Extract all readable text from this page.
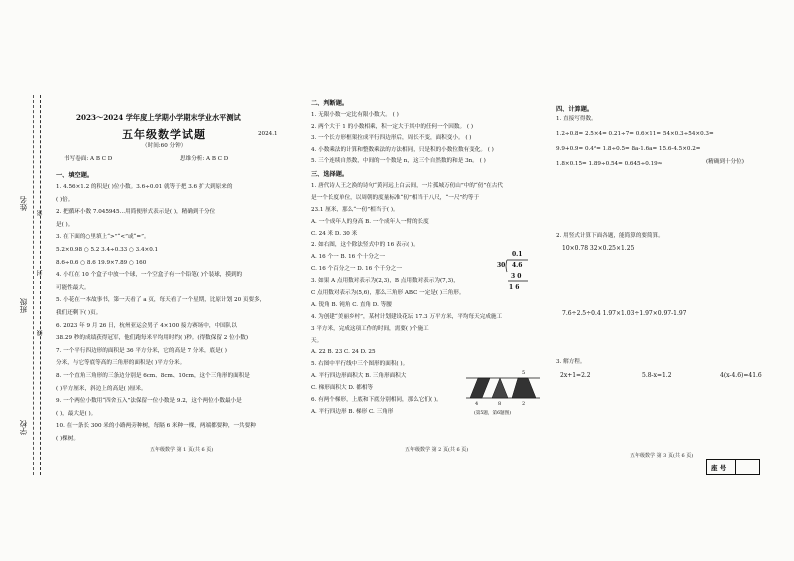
姓名
班级
学校
密
封
线
2023～2024 学年度上学期小学期末学业水平测试
五年级数学试题	2024.1
（时间:60 分钟）
书写卷面: A B C D	思维分析: A B C D
一、填空题。
1. 4.56×1.2 的积是( )位小数。3.6÷0.01 就等于把 3.6 扩大到原来的
( )倍。
2. 把循环小数 7.045945…用简便形式表示是( )，精确到千分位
是( )。
3. 在下面的○里填上“>”“<”或“=”。
5.2×0.98 ○ 5.2 3.4÷0.33 ○ 3.4×0.1
8.6÷0.6 ○ 8.6 19.9×7.89 ○ 160
4. 小红在 10 个盒子中放一个球，一个空盒子有一个铅笔( )个装球，摸到的
可能性最大。
5. 小花在一本故事书，第一天看了 a 页，每天看了一个星期，比原计划 20 页要多，
我们还剩下( )页。
6. 2023 年 9 月 26 日，杭州亚运会男子 4×100 接力赛场中，中国队以
38.29 秒的成绩获得冠军，他们跑每米平均用时约( )秒。(得数保留 2 位小数)
7. 一个平行四边形的面积是 36 平方分米，它的高是 7 分米，底是( )
分米，与它等底等高的三角形的面积是( )平方分米。
8. 一个直角三角形的三条边分别是 6cm、8cm、10cm，这个三角形的面积是
( )平方厘米，斜边上的高是( )厘米。
9. 一个两位小数用“四舍五入”法保留一位小数是 9.2，这个两位小数最小是
( )，最大是( )。
10. 在一条长 300 米的小路两旁种树，每隔 6 米种一棵，两端都要种，一共要种
( )棵树。
五年级数学 第 1 页(共 6 页)
二、判断题。
1. 无限小数一定比有限小数大。 ( )
2. 两个大于 1 的小数相乘，积一定大于其中的任何一个因数。 ( )
3. 一个长方形框架拉成平行四边形后，周长不变，面积变小。 ( )
4. 小数乘法的计算和整数乘法的方法相同，只是积的小数位数有变化。 ( )
5. 三个连续自然数，中间的一个数是 n，这三个自然数的和是 3n。 ( )
三、选择题。
1. 唐代诗人王之涣的诗句“黄河远上白云间，一片孤城万仞山”中的“仞”在古代
是一个长度单位，以周朝的度量标准“仞”相当于八尺，“一尺”约等于
23.1 厘米，那么“一仞”相当于( )。
A. 一个成年人的身高 B. 一个成年人一臂的长度
C. 24 米 D. 30 米
2. 如右图，这个除法竖式中的 16 表示( )。
A. 16 个一 B. 16 个十分之一
C. 16 个百分之一 D. 16 个千分之一
3. 如果 A 点用数对表示为(2,3)，B 点用数对表示为(7,3)，
C 点用数对表示为(5,6)，那么三角形 ABC 一定是( )三角形。
A. 锐角 B. 钝角 C. 直角 D. 等腰
4. 为创建“美丽乡村”，某村计划建设花坛 17.3 万平方米，平均每天完成施工
3 平方米，完成这项工作的时间，需要( )个施工
天。
A. 22 B. 23 C. 24 D. 25
5. 右图中平行线中三个图形的面积( )。
A. 平行四边形面积大 B. 三角形面积大
C. 梯形面积大 D. 都相等
6. 有两个梯形，上底和下底分别相同，那么它们( )。
A. 平行四边形 B. 梯形 C. 三角形
0.1
30 4.6
3 0
1 6
4	8	2
5
(第5题，第6题图)
五年级数学 第 2 页(共 6 页)
四、计算题。
1. 直接写得数。
1.2÷0.8= 2.5×4= 0.21÷7= 0.6×11= 54×0.3÷54×0.3=
9.9+0.9= 0.4²= 1.8÷0.5= 8a-1.6a= 15.6-4.5×0.2=
1.8×0.15= 1.89÷0.54= 0.645÷0.19≈	(精确到十分位)
2. 用竖式计算下面各题，能简算的要简算。
10×0.78 32×0.25×1.25
7.6÷2.5÷0.4 1.97×1.03÷1.97×0.97-1.97
3. 解方程。
2x+1=2.2	5.8-x=1.2	4(x-4.6)=41.6
五年级数学 第 3 页(共 6 页)
座 号
